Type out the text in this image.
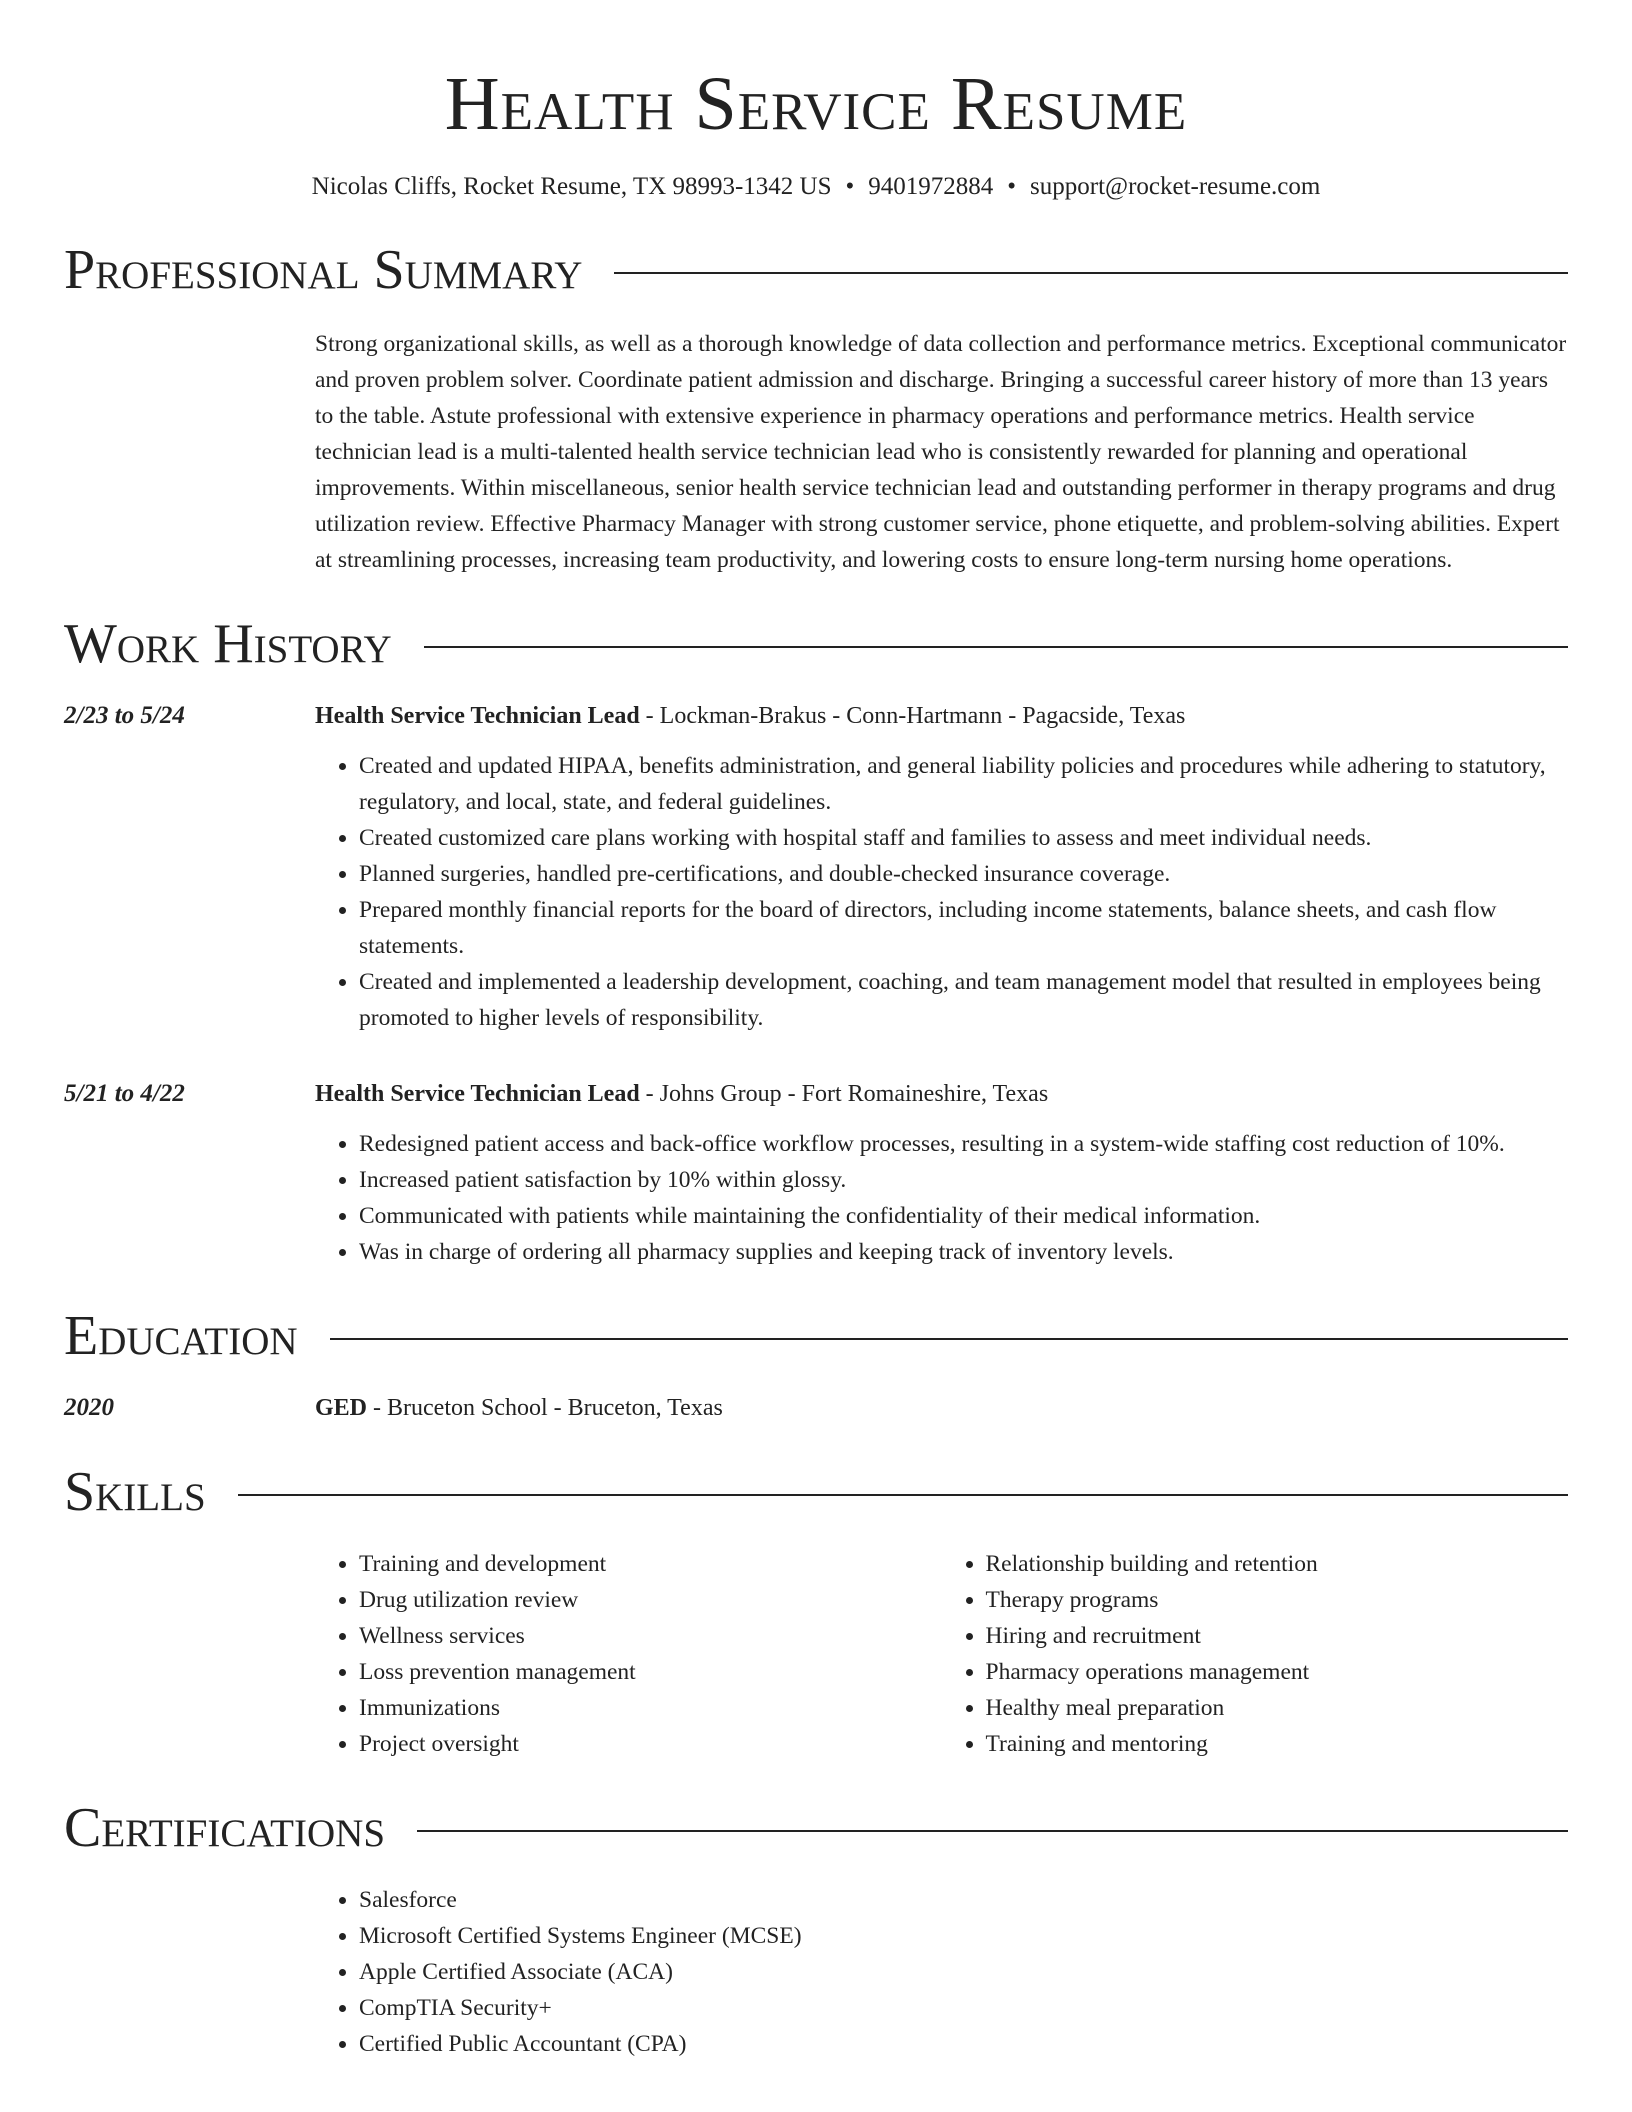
Health Service Resume
Nicolas Cliffs, Rocket Resume, TX 98993-1342 US • 9401972884 • support@rocket-resume.com
Professional Summary
Strong organizational skills, as well as a thorough knowledge of data collection and performance metrics. Exceptional communicator and proven problem solver. Coordinate patient admission and discharge. Bringing a successful career history of more than 13 years to the table. Astute professional with extensive experience in pharmacy operations and performance metrics. Health service technician lead is a multi-talented health service technician lead who is consistently rewarded for planning and operational improvements. Within miscellaneous, senior health service technician lead and outstanding performer in therapy programs and drug utilization review. Effective Pharmacy Manager with strong customer service, phone etiquette, and problem-solving abilities. Expert at streamlining processes, increasing team productivity, and lowering costs to ensure long-term nursing home operations.
Work History
2/23 to 5/24	Health Service Technician Lead - Lockman-Brakus - Conn-Hartmann - Pagacside, Texas
• Created and updated HIPAA, benefits administration, and general liability policies and procedures while adhering to statutory, regulatory, and local, state, and federal guidelines.
• Created customized care plans working with hospital staff and families to assess and meet individual needs.
• Planned surgeries, handled pre-certifications, and double-checked insurance coverage.
• Prepared monthly financial reports for the board of directors, including income statements, balance sheets, and cash flow statements.
• Created and implemented a leadership development, coaching, and team management model that resulted in employees being promoted to higher levels of responsibility.
5/21 to 4/22	Health Service Technician Lead - Johns Group - Fort Romaineshire, Texas
• Redesigned patient access and back-office workflow processes, resulting in a system-wide staffing cost reduction of 10%.
• Increased patient satisfaction by 10% within glossy.
• Communicated with patients while maintaining the confidentiality of their medical information.
• Was in charge of ordering all pharmacy supplies and keeping track of inventory levels.
Education
2020	GED - Bruceton School - Bruceton, Texas
Skills
• Training and development
• Drug utilization review
• Wellness services
• Loss prevention management
• Immunizations
• Project oversight
• Relationship building and retention
• Therapy programs
• Hiring and recruitment
• Pharmacy operations management
• Healthy meal preparation
• Training and mentoring
Certifications
• Salesforce
• Microsoft Certified Systems Engineer (MCSE)
• Apple Certified Associate (ACA)
• CompTIA Security+
• Certified Public Accountant (CPA)
